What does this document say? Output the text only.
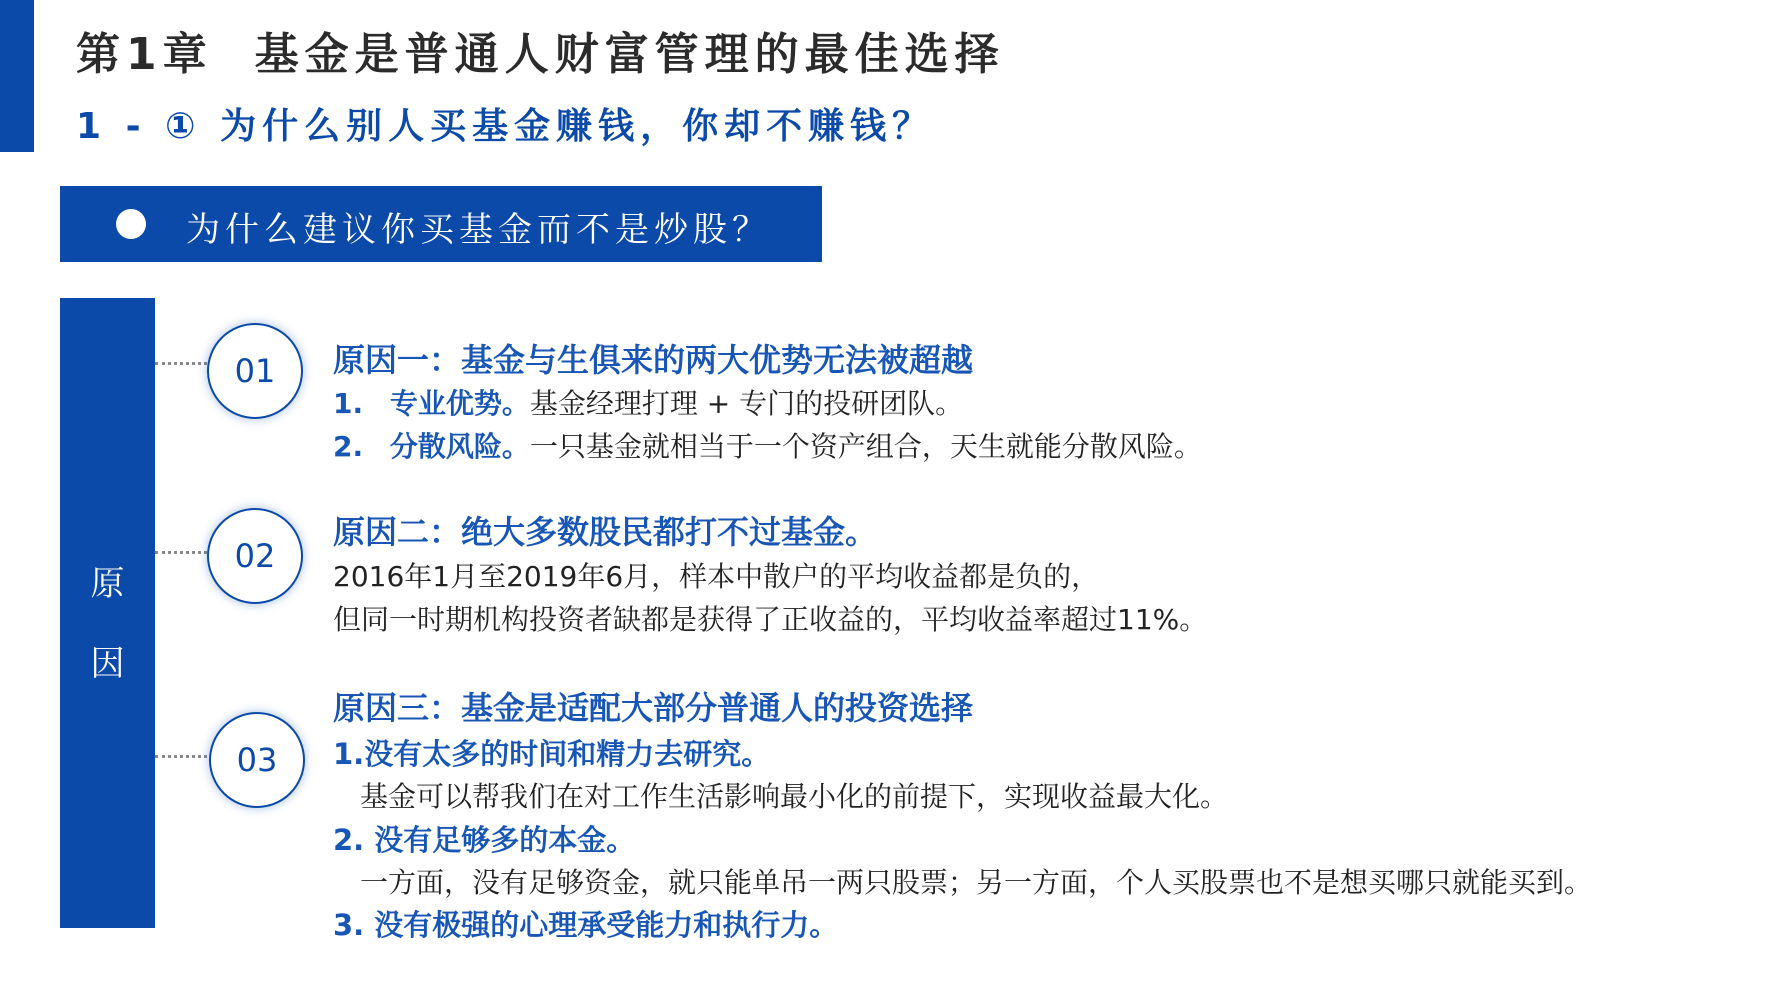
第1章 基金是普通人财富管理的最佳选择
1 - ① 为什么别人买基金赚钱，你却不赚钱？
为什么建议你买基金而不是炒股？
原
因
01	原因一：基金与生俱来的两大优势无法被超越
1. 专业优势。基金经理打理 + 专门的投研团队。
2. 分散风险。一只基金就相当于一个资产组合，天生就能分散风险。
02
原因二：绝大多数股民都打不过基金。
2016年1月至2019年6月，样本中散户的平均收益都是负的，
但同一时期机构投资者缺都是获得了正收益的，平均收益率超过11%。
03
原因三：基金是适配大部分普通人的投资选择
1.没有太多的时间和精力去研究。
基金可以帮我们在对工作生活影响最小化的前提下，实现收益最大化。
2. 没有足够多的本金。
一方面，没有足够资金，就只能单吊一两只股票；另一方面，个人买股票也不是想买哪只就能买到。
3. 没有极强的心理承受能力和执行力。
